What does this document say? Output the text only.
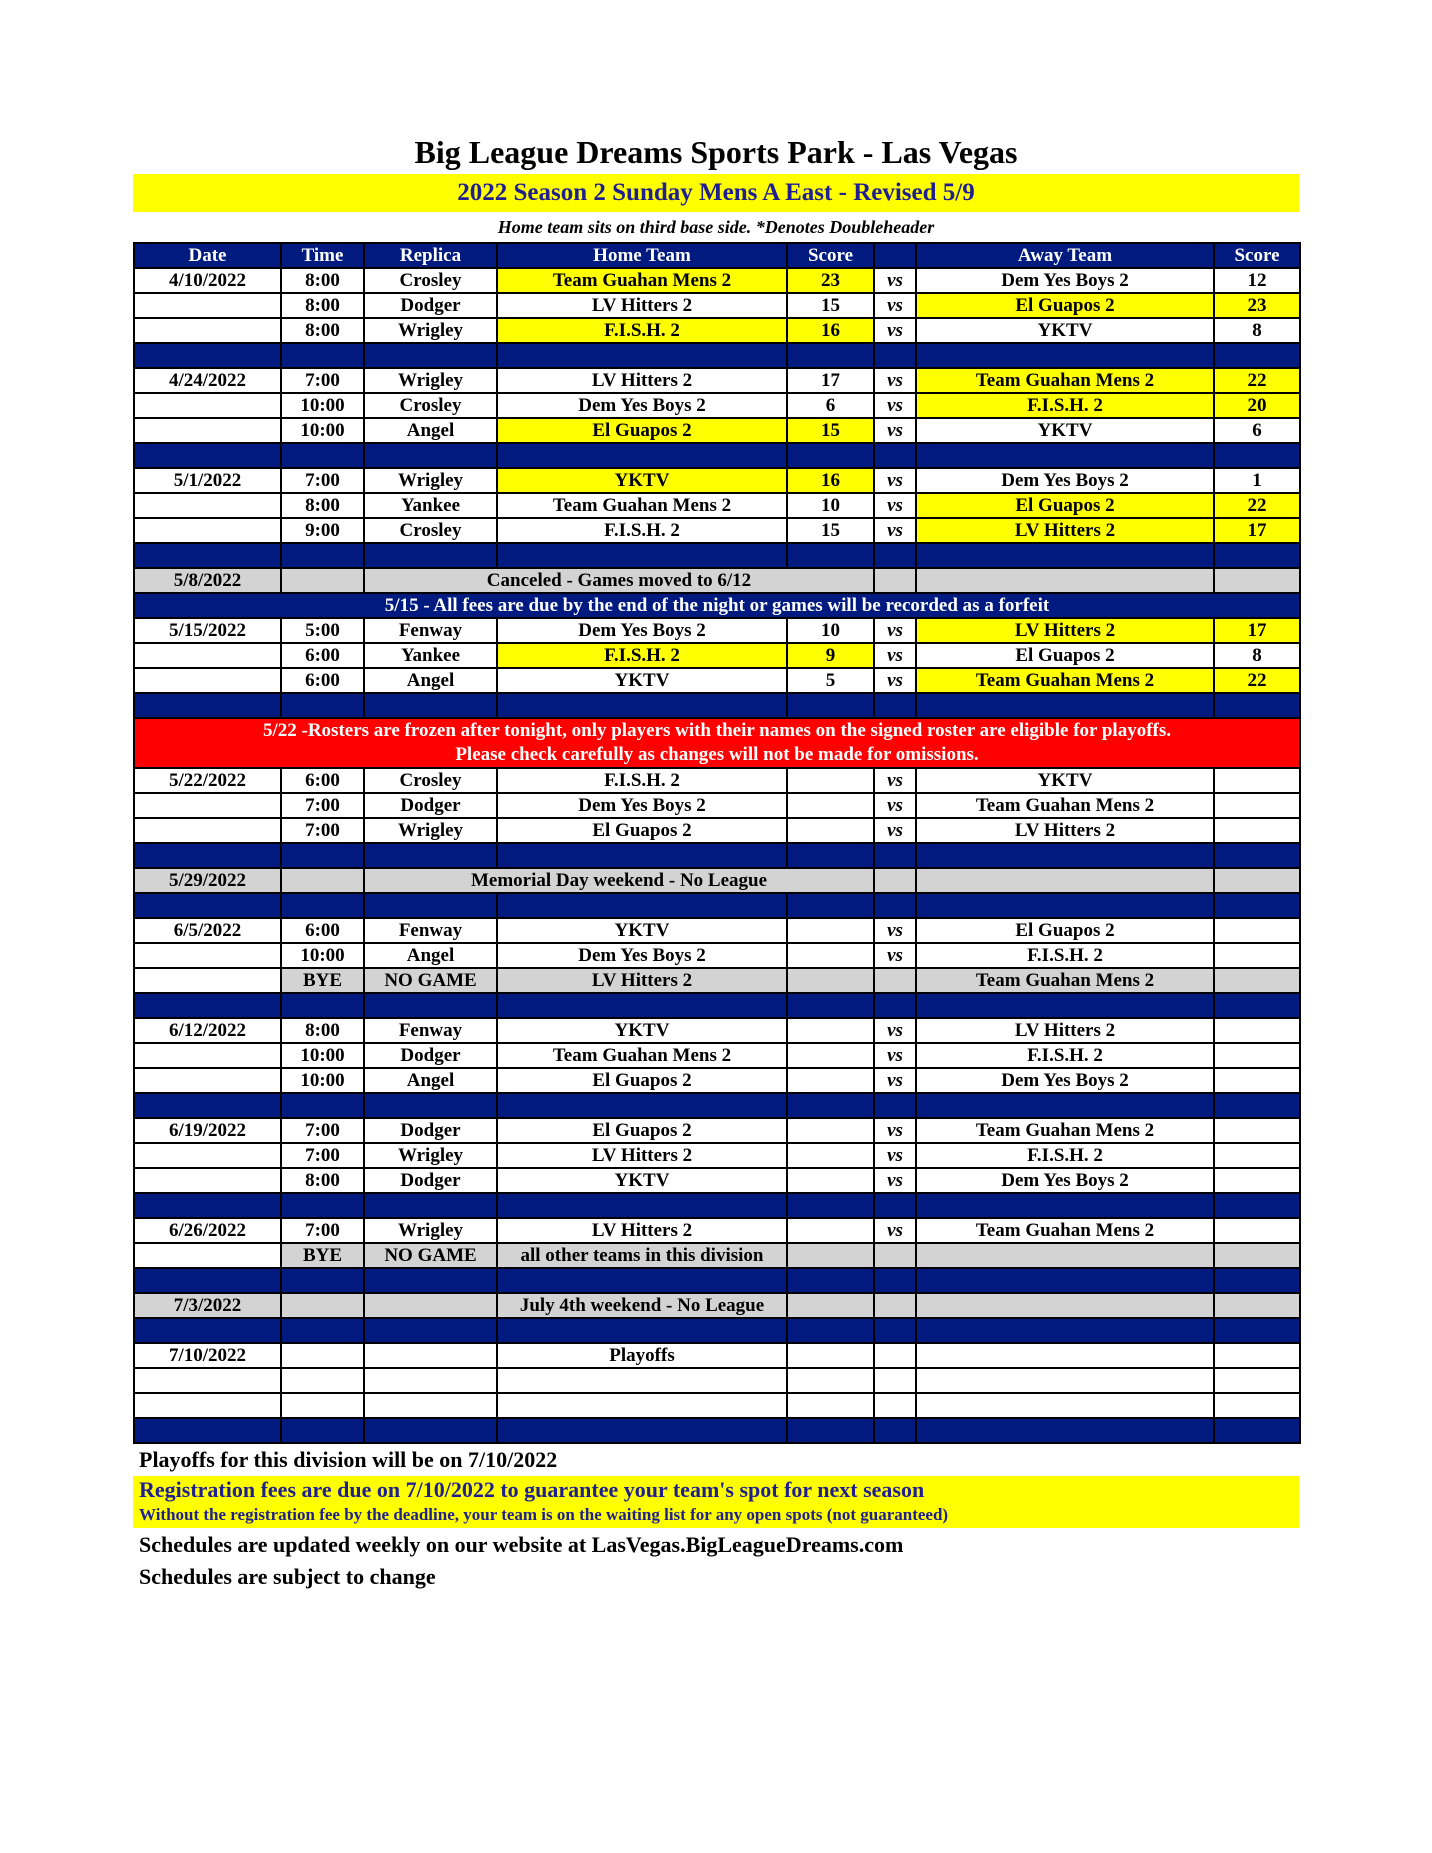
Big League Dreams Sports Park - Las Vegas
2022 Season 2 Sunday Mens A East - Revised 5/9
Home team sits on third base side. *Denotes Doubleheader
Date	Time	Replica	Home Team	Score		Away Team	Score
4/10/2022	8:00	Crosley	Team Guahan Mens 2	23	vs	Dem Yes Boys 2	12
	8:00	Dodger	LV Hitters 2	15	vs	El Guapos 2	23
	8:00	Wrigley	F.I.S.H. 2	16	vs	YKTV	8

4/24/2022	7:00	Wrigley	LV Hitters 2	17	vs	Team Guahan Mens 2	22
	10:00	Crosley	Dem Yes Boys 2	6	vs	F.I.S.H. 2	20
	10:00	Angel	El Guapos 2	15	vs	YKTV	6

5/1/2022	7:00	Wrigley	YKTV	16	vs	Dem Yes Boys 2	1
	8:00	Yankee	Team Guahan Mens 2	10	vs	El Guapos 2	22
	9:00	Crosley	F.I.S.H. 2	15	vs	LV Hitters 2	17

5/8/2022		Canceled - Games moved to 6/12					
5/15 - All fees are due by the end of the night or games will be recorded as a forfeit							
5/15/2022	5:00	Fenway	Dem Yes Boys 2	10	vs	LV Hitters 2	17
	6:00	Yankee	F.I.S.H. 2	9	vs	El Guapos 2	8
	6:00	Angel	YKTV	5	vs	Team Guahan Mens 2	22

5/22 -Rosters are frozen after tonight, only players with their names on the signed roster are eligible for playoffs.
Please check carefully as changes will not be made for omissions.							

5/22/2022	6:00	Crosley	F.I.S.H. 2		vs	YKTV	
	7:00	Dodger	Dem Yes Boys 2		vs	Team Guahan Mens 2	
	7:00	Wrigley	El Guapos 2		vs	LV Hitters 2	

5/29/2022		Memorial Day weekend - No League					

6/5/2022	6:00	Fenway	YKTV		vs	El Guapos 2	
	10:00	Angel	Dem Yes Boys 2		vs	F.I.S.H. 2	
	BYE	NO GAME	LV Hitters 2			Team Guahan Mens 2	

6/12/2022	8:00	Fenway	YKTV		vs	LV Hitters 2	
	10:00	Dodger	Team Guahan Mens 2		vs	F.I.S.H. 2	
	10:00	Angel	El Guapos 2		vs	Dem Yes Boys 2	

6/19/2022	7:00	Dodger	El Guapos 2		vs	Team Guahan Mens 2	
	7:00	Wrigley	LV Hitters 2		vs	F.I.S.H. 2	
	8:00	Dodger	YKTV		vs	Dem Yes Boys 2	

6/26/2022	7:00	Wrigley	LV Hitters 2		vs	Team Guahan Mens 2	
	BYE	NO GAME	all other teams in this division				

7/3/2022			July 4th weekend - No League				

7/10/2022			Playoffs				

Playoffs for this division will be on 7/10/2022
Registration fees are due on 7/10/2022 to guarantee your team's spot for next season
Without the registration fee by the deadline, your team is on the waiting list for any open spots (not guaranteed)
Schedules are updated weekly on our website at LasVegas.BigLeagueDreams.com
Schedules are subject to change
